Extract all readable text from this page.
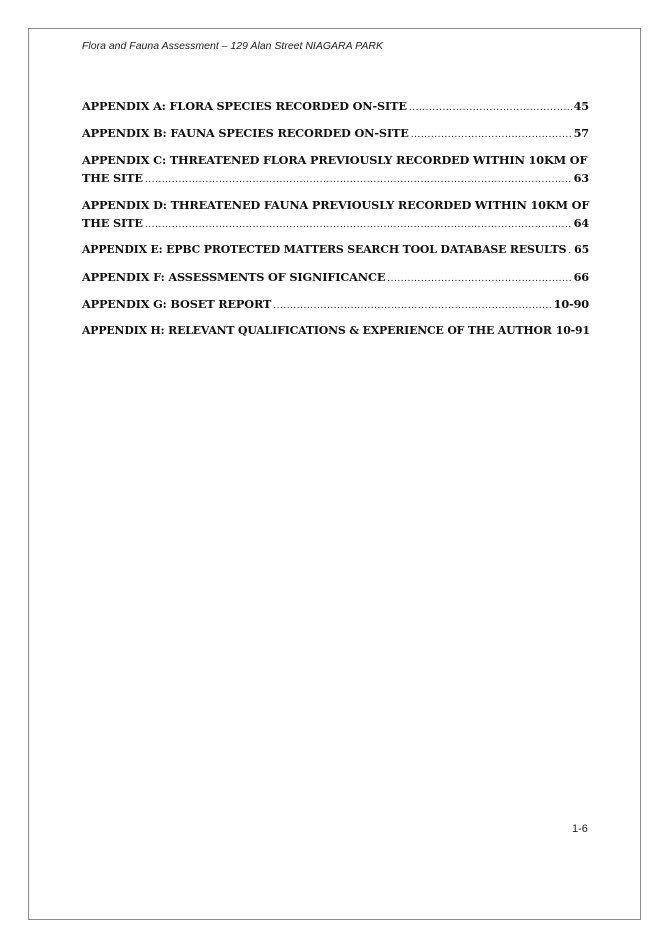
Flora and Fauna Assessment – 129 Alan Street NIAGARA PARK
APPENDIX A: FLORA SPECIES RECORDED ON-SITE .....	45
APPENDIX B: FAUNA SPECIES RECORDED ON-SITE .....	57
APPENDIX C: THREATENED FLORA PREVIOUSLY RECORDED WITHIN 10KM OF
THE SITE .....	63
APPENDIX D: THREATENED FAUNA PREVIOUSLY RECORDED WITHIN 10KM OF
THE SITE .....	64
APPENDIX E: EPBC PROTECTED MATTERS SEARCH TOOL DATABASE RESULTS ..... 65
APPENDIX F: ASSESSMENTS OF SIGNIFICANCE .....	66
APPENDIX G: BOSET REPORT .....	10-90
APPENDIX H: RELEVANT QUALIFICATIONS & EXPERIENCE OF THE AUTHOR 10-91
1-6
